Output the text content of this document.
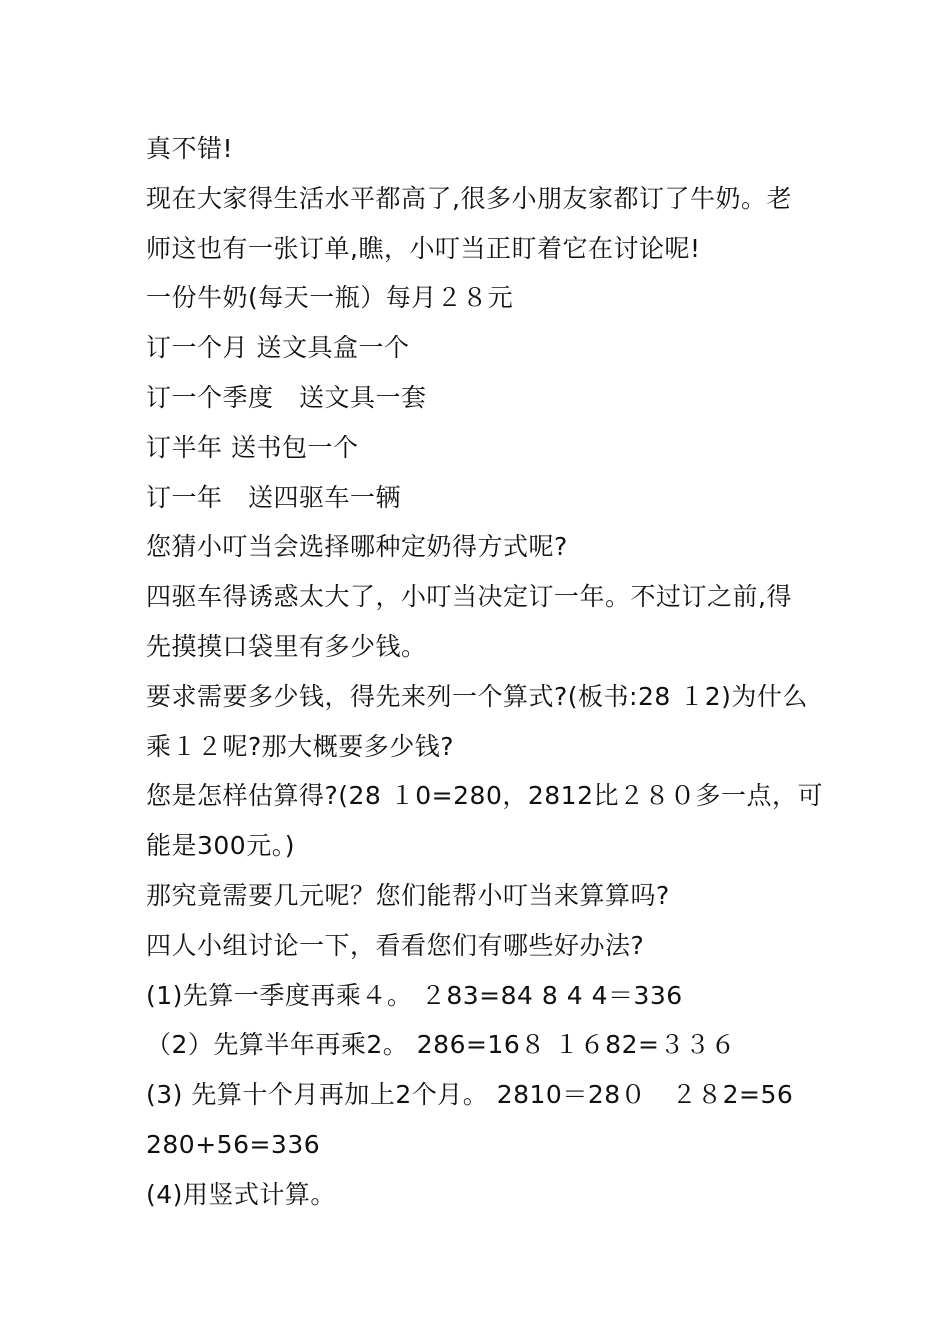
真不错!
现在大家得生活水平都高了,很多小朋友家都订了牛奶。老
师这也有一张订单,瞧，小叮当正盯着它在讨论呢!
一份牛奶(每天一瓶）每月２８元
订一个月 送文具盒一个
订一个季度　送文具一套
订半年 送书包一个
订一年　送四驱车一辆
您猜小叮当会选择哪种定奶得方式呢?
四驱车得诱惑太大了，小叮当决定订一年。不过订之前,得
先摸摸口袋里有多少钱。
要求需要多少钱，得先来列一个算式?(板书:28 １2)为什么
乘１２呢?那大概要多少钱?
您是怎样估算得?(28 １0=280，2812比２８０多一点，可
能是300元。)
那究竟需要几元呢？您们能帮小叮当来算算吗?
四人小组讨论一下，看看您们有哪些好办法?
(1)先算一季度再乘４。 ２83=84 8 4 4＝336
（2）先算半年再乘2。 286=16８ １６82=３３６
(3) 先算十个月再加上2个月。 2810＝28０　２８2=56
280+56=336
(4)用竖式计算。
